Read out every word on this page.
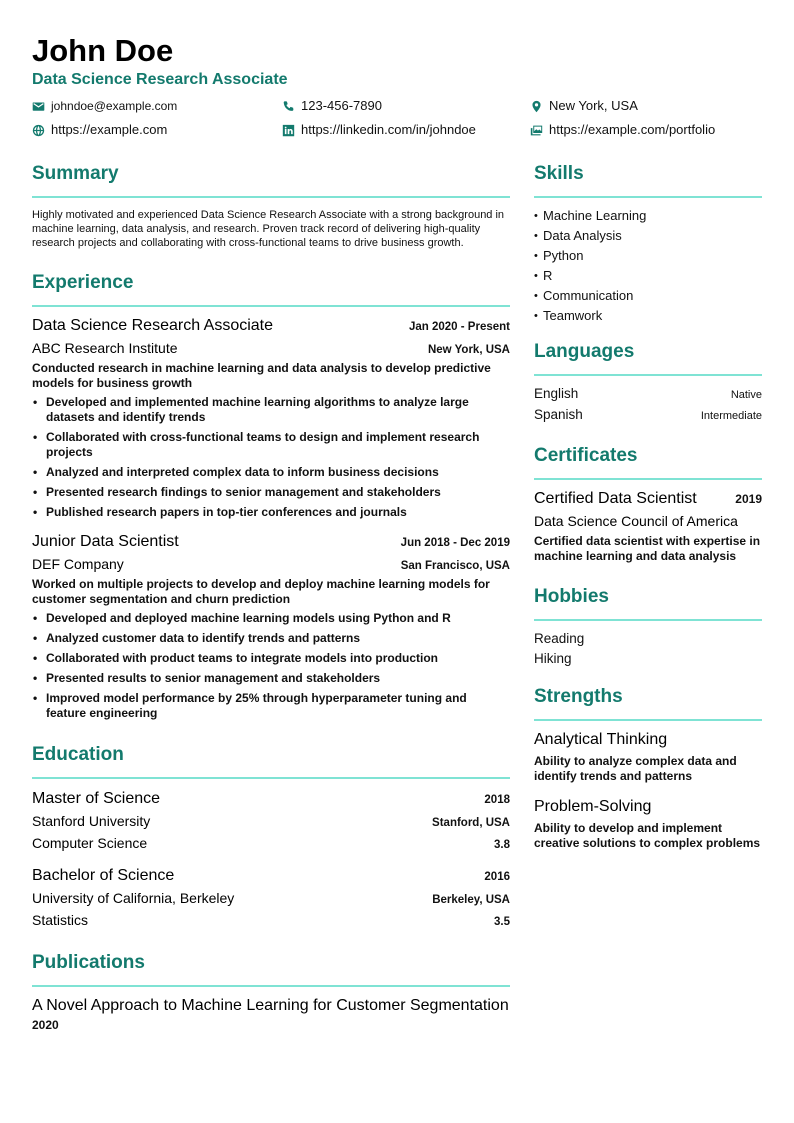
John Doe
Data Science Research Associate
johndoe@example.com	123-456-7890	New York, USA
https://example.com	https://linkedin.com/in/johndoe	https://example.com/portfolio
Summary

Highly motivated and experienced Data Science Research Associate with a strong background in machine learning, data analysis, and research. Proven track record of delivering high-quality research projects and collaborating with cross-functional teams to drive business growth.

Experience
Data Science Research Associate	Jan 2020 - Present
ABC Research Institute	New York, USA

Conducted research in machine learning and data analysis to develop predictive models for business growth

• Developed and implemented machine learning algorithms to analyze large datasets and identify trends
• Collaborated with cross-functional teams to design and implement research projects
• Analyzed and interpreted complex data to inform business decisions
• Presented research findings to senior management and stakeholders
• Published research papers in top-tier conferences and journals
Junior Data Scientist	Jun 2018 - Dec 2019
DEF Company	San Francisco, USA

Worked on multiple projects to develop and deploy machine learning models for customer segmentation and churn prediction

• Developed and deployed machine learning models using Python and R
• Analyzed customer data to identify trends and patterns
• Collaborated with product teams to integrate models into production
• Presented results to senior management and stakeholders
• Improved model performance by 25% through hyperparameter tuning and feature engineering
Education
Master of Science	2018
Stanford University	Stanford, USA
Computer Science	3.8
Bachelor of Science	2016
University of California, Berkeley	Berkeley, USA
Statistics	3.5
Publications
A Novel Approach to Machine Learning for Customer Segmentation
2020
Skills
• Machine Learning
• Data Analysis
• Python
• R
• Communication
• Teamwork
Languages
English	Native
Spanish	Intermediate
Certificates
Certified Data Scientist	2019
Data Science Council of America

Certified data scientist with expertise in machine learning and data analysis

Hobbies
Reading
Hiking
Strengths
Analytical Thinking

Ability to analyze complex data and identify trends and patterns

Problem-Solving

Ability to develop and implement creative solutions to complex problems
